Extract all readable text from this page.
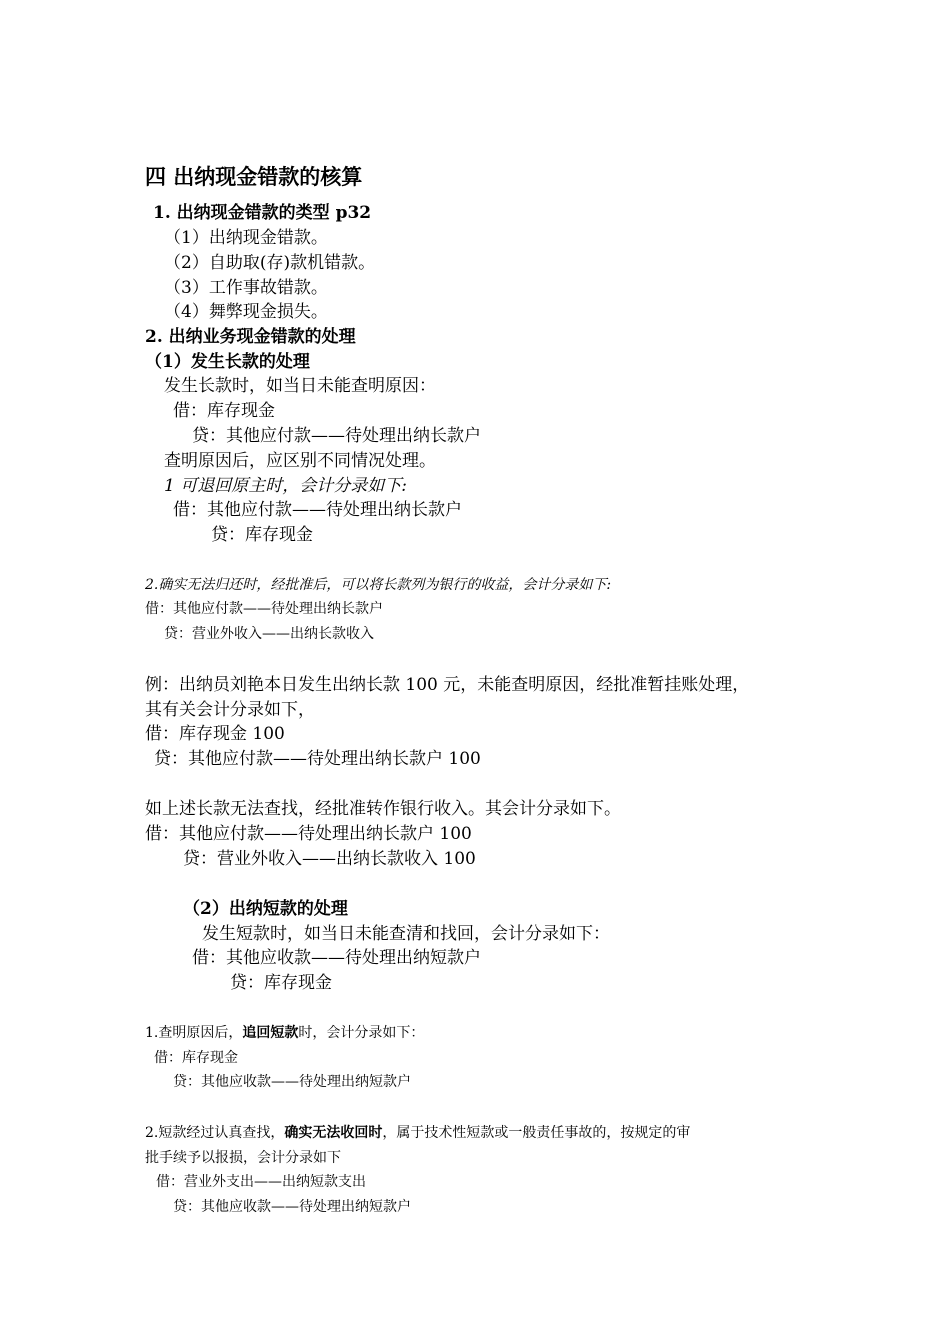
四 出纳现金错款的核算
1. 出纳现金错款的类型 p32
（1）出纳现金错款。
（2）自助取(存)款机错款。
（3）工作事故错款。
（4）舞弊现金损失。
2. 出纳业务现金错款的处理
（1）发生长款的处理
发生长款时，如当日未能查明原因：
借：库存现金
贷：其他应付款——待处理出纳长款户
查明原因后，应区别不同情况处理。
1 可退回原主时，会计分录如下:
借：其他应付款——待处理出纳长款户
贷：库存现金
2.确实无法归还时，经批准后，可以将长款列为银行的收益，会计分录如下:
借：其他应付款——待处理出纳长款户
贷：营业外收入——出纳长款收入
例：出纳员刘艳本日发生出纳长款 100 元，未能查明原因，经批准暂挂账处理，
其有关会计分录如下，
借：库存现金 100
贷：其他应付款——待处理出纳长款户 100
如上述长款无法查找，经批准转作银行收入。其会计分录如下。
借：其他应付款——待处理出纳长款户 100
贷：营业外收入——出纳长款收入 100
（2）出纳短款的处理
发生短款时，如当日未能查清和找回，会计分录如下：
借：其他应收款——待处理出纳短款户
贷：库存现金
1.查明原因后，追回短款时，会计分录如下：
借：库存现金
贷：其他应收款——待处理出纳短款户
2.短款经过认真查找，确实无法收回时，属于技术性短款或一般责任事故的，按规定的审
批手续予以报损，会计分录如下
借：营业外支出——出纳短款支出
贷：其他应收款——待处理出纳短款户
